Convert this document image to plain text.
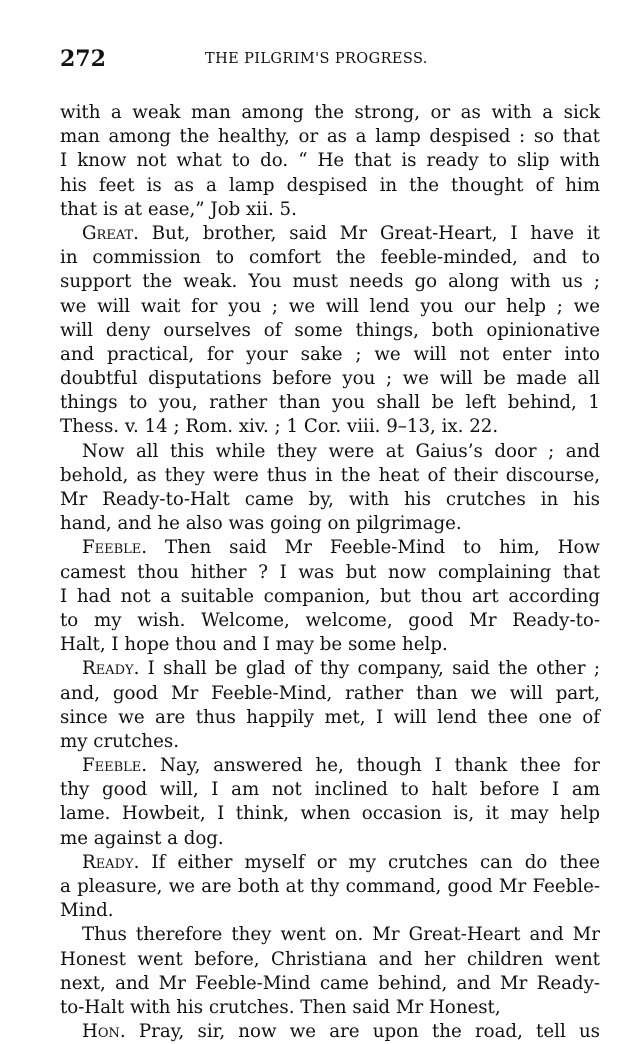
272	THE PILGRIM'S PROGRESS.
with a weak man among the strong, or as with a sick
man among the healthy, or as a lamp despised : so that
I know not what to do. “ He that is ready to slip with
his feet is as a lamp despised in the thought of him
that is at ease,” Job xii. 5.
Great. But, brother, said Mr Great-Heart, I have it
in commission to comfort the feeble-minded, and to
support the weak. You must needs go along with us ;
we will wait for you ; we will lend you our help ; we
will deny ourselves of some things, both opinionative
and practical, for your sake ; we will not enter into
doubtful disputations before you ; we will be made all
things to you, rather than you shall be left behind, 1
Thess. v. 14 ; Rom. xiv. ; 1 Cor. viii. 9–13, ix. 22.
Now all this while they were at Gaius’s door ; and
behold, as they were thus in the heat of their discourse,
Mr Ready-to-Halt came by, with his crutches in his
hand, and he also was going on pilgrimage.
Feeble. Then said Mr Feeble-Mind to him, How
camest thou hither ? I was but now complaining that
I had not a suitable companion, but thou art according
to my wish. Welcome, welcome, good Mr Ready-to-
Halt, I hope thou and I may be some help.
Ready. I shall be glad of thy company, said the other ;
and, good Mr Feeble-Mind, rather than we will part,
since we are thus happily met, I will lend thee one of
my crutches.
Feeble. Nay, answered he, though I thank thee for
thy good will, I am not inclined to halt before I am
lame. Howbeit, I think, when occasion is, it may help
me against a dog.
Ready. If either myself or my crutches can do thee
a pleasure, we are both at thy command, good Mr Feeble-
Mind.
Thus therefore they went on. Mr Great-Heart and Mr
Honest went before, Christiana and her children went
next, and Mr Feeble-Mind came behind, and Mr Ready-
to-Halt with his crutches. Then said Mr Honest,
Hon. Pray, sir, now we are upon the road, tell us
